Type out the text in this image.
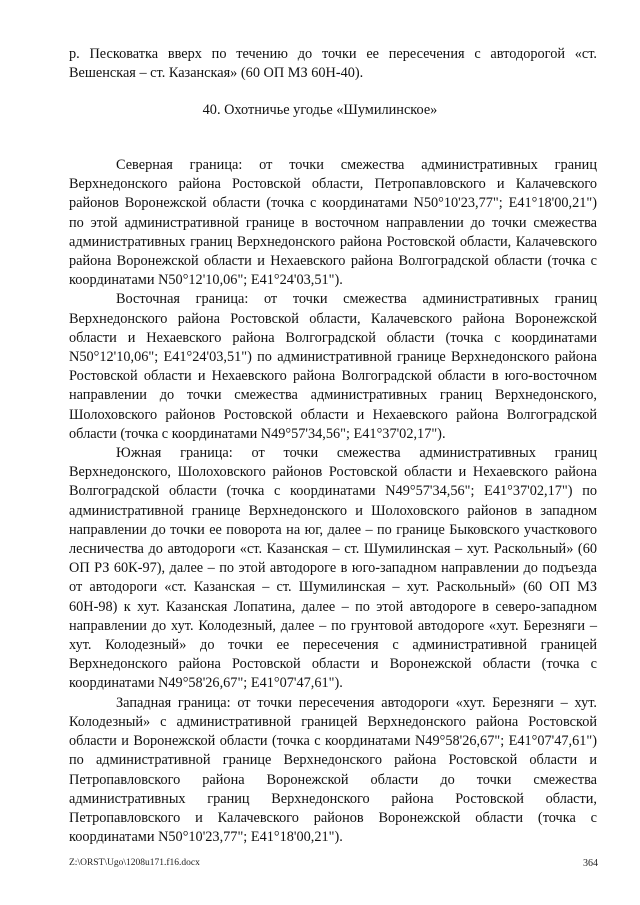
р. Песковатка вверх по течению до точки ее пересечения с автодорогой «ст. Вешенская – ст. Казанская» (60 ОП МЗ 60Н-40).

40. Охотничье угодье «Шумилинское»

Северная граница: от точки смежества административных границ Верхнедонского района Ростовской области, Петропавловского и Калачевского районов Воронежской области (точка с координатами N50°10'23,77"; E41°18'00,21") по этой административной границе в восточном направлении до точки смежества административных границ Верхнедонского района Ростовской области, Калачевского района Воронежской области и Нехаевского района Волгоградской области (точка с координатами N50°12'10,06"; E41°24'03,51").

Восточная граница: от точки смежества административных границ Верхнедонского района Ростовской области, Калачевского района Воронежской области и Нехаевского района Волгоградской области (точка с координатами N50°12'10,06"; E41°24'03,51") по административной границе Верхнедонского района Ростовской области и Нехаевского района Волгоградской области в юго-восточном направлении до точки смежества административных границ Верхнедонского, Шолоховского районов Ростовской области и Нехаевского района Волгоградской области (точка с координатами N49°57'34,56"; E41°37'02,17").

Южная граница: от точки смежества административных границ Верхнедонского, Шолоховского районов Ростовской области и Нехаевского района Волгоградской области (точка с координатами N49°57'34,56"; E41°37'02,17") по административной границе Верхнедонского и Шолоховского районов в западном направлении до точки ее поворота на юг, далее – по границе Быковского участкового лесничества до автодороги «ст. Казанская – ст. Шумилинская – хут. Раскольный» (60 ОП РЗ 60К-97), далее – по этой автодороге в юго-западном направлении до подъезда от автодороги «ст. Казанская – ст. Шумилинская – хут. Раскольный» (60 ОП МЗ 60Н-98) к хут. Казанская Лопатина, далее – по этой автодороге в северо-западном направлении до хут. Колодезный, далее – по грунтовой автодороге «хут. Березняги – хут. Колодезный» до точки ее пересечения с административной границей Верхнедонского района Ростовской области и Воронежской области (точка с координатами N49°58'26,67"; E41°07'47,61").

Западная граница: от точки пересечения автодороги «хут. Березняги – хут. Колодезный» с административной границей Верхнедонского района Ростовской области и Воронежской области (точка с координатами N49°58'26,67"; E41°07'47,61") по административной границе Верхнедонского района Ростовской области и Петропавловского района Воронежской области до точки смежества административных границ Верхнедонского района Ростовской области, Петропавловского и Калачевского районов Воронежской области (точка с координатами N50°10'23,77"; E41°18'00,21").

Z:\ORST\Ugo\1208u171.f16.docx	364
